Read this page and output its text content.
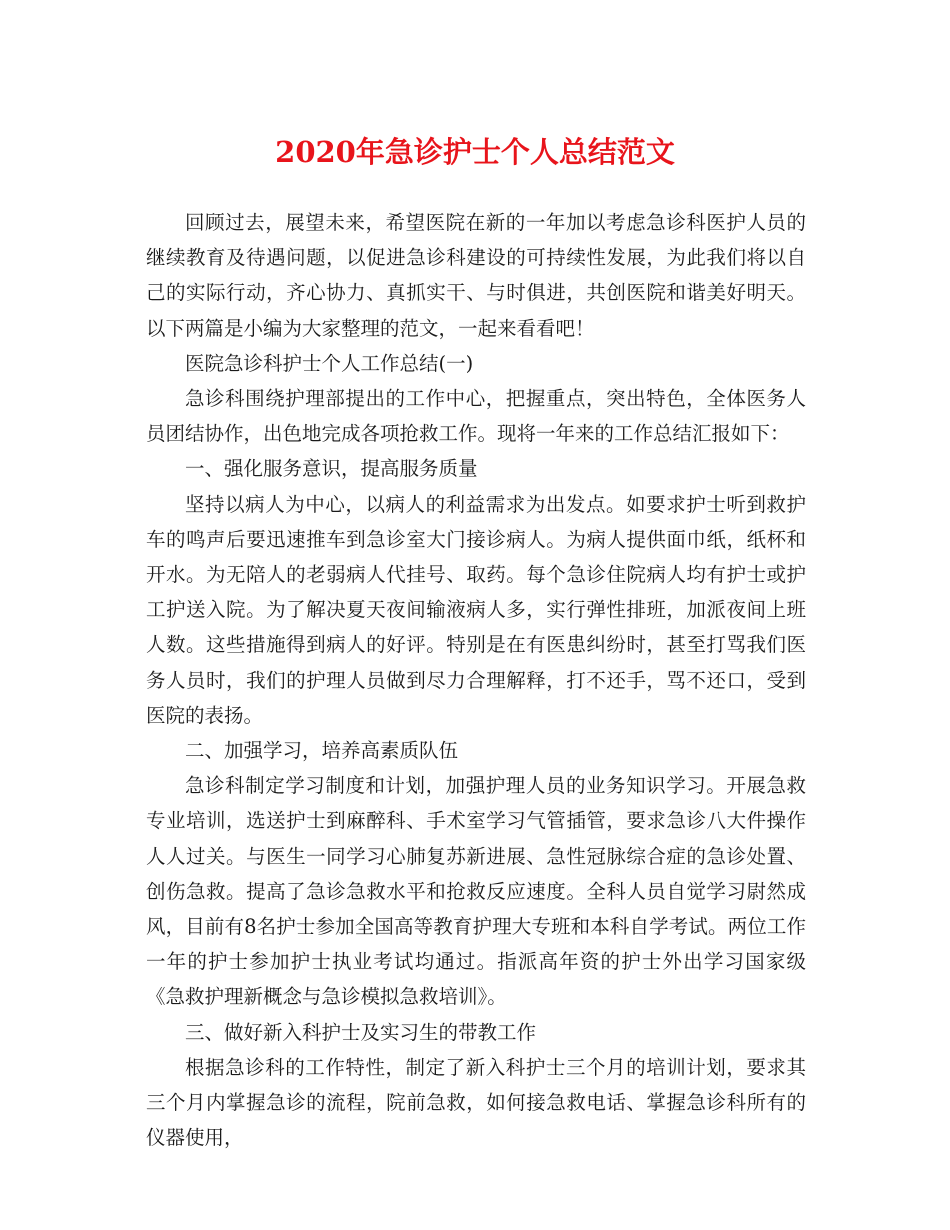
2020年急诊护士个人总结范文

回顾过去，展望未来，希望医院在新的一年加以考虑急诊科医护人员的继续教育及待遇问题，以促进急诊科建设的可持续性发展，为此我们将以自己的实际行动，齐心协力、真抓实干、与时俱进，共创医院和谐美好明天。以下两篇是小编为大家整理的范文，一起来看看吧！

医院急诊科护士个人工作总结(一)

急诊科围绕护理部提出的工作中心，把握重点，突出特色，全体医务人员团结协作，出色地完成各项抢救工作。现将一年来的工作总结汇报如下：

一、强化服务意识，提高服务质量

坚持以病人为中心，以病人的利益需求为出发点。如要求护士听到救护车的鸣声后要迅速推车到急诊室大门接诊病人。为病人提供面巾纸，纸杯和开水。为无陪人的老弱病人代挂号、取药。每个急诊住院病人均有护士或护工护送入院。为了解决夏天夜间输液病人多，实行弹性排班，加派夜间上班人数。这些措施得到病人的好评。特别是在有医患纠纷时，甚至打骂我们医务人员时，我们的护理人员做到尽力合理解释，打不还手，骂不还口，受到医院的表扬。

二、加强学习，培养高素质队伍

急诊科制定学习制度和计划，加强护理人员的业务知识学习。开展急救专业培训，选送护士到麻醉科、手术室学习气管插管，要求急诊八大件操作人人过关。与医生一同学习心肺复苏新进展、急性冠脉综合症的急诊处置、创伤急救。提高了急诊急救水平和抢救反应速度。全科人员自觉学习尉然成风，目前有8名护士参加全国高等教育护理大专班和本科自学考试。两位工作一年的护士参加护士执业考试均通过。指派高年资的护士外出学习国家级《急救护理新概念与急诊模拟急救培训》。

三、做好新入科护士及实习生的带教工作

根据急诊科的工作特性，制定了新入科护士三个月的培训计划，要求其三个月内掌握急诊的流程，院前急救，如何接急救电话、掌握急诊科所有的仪器使用，
